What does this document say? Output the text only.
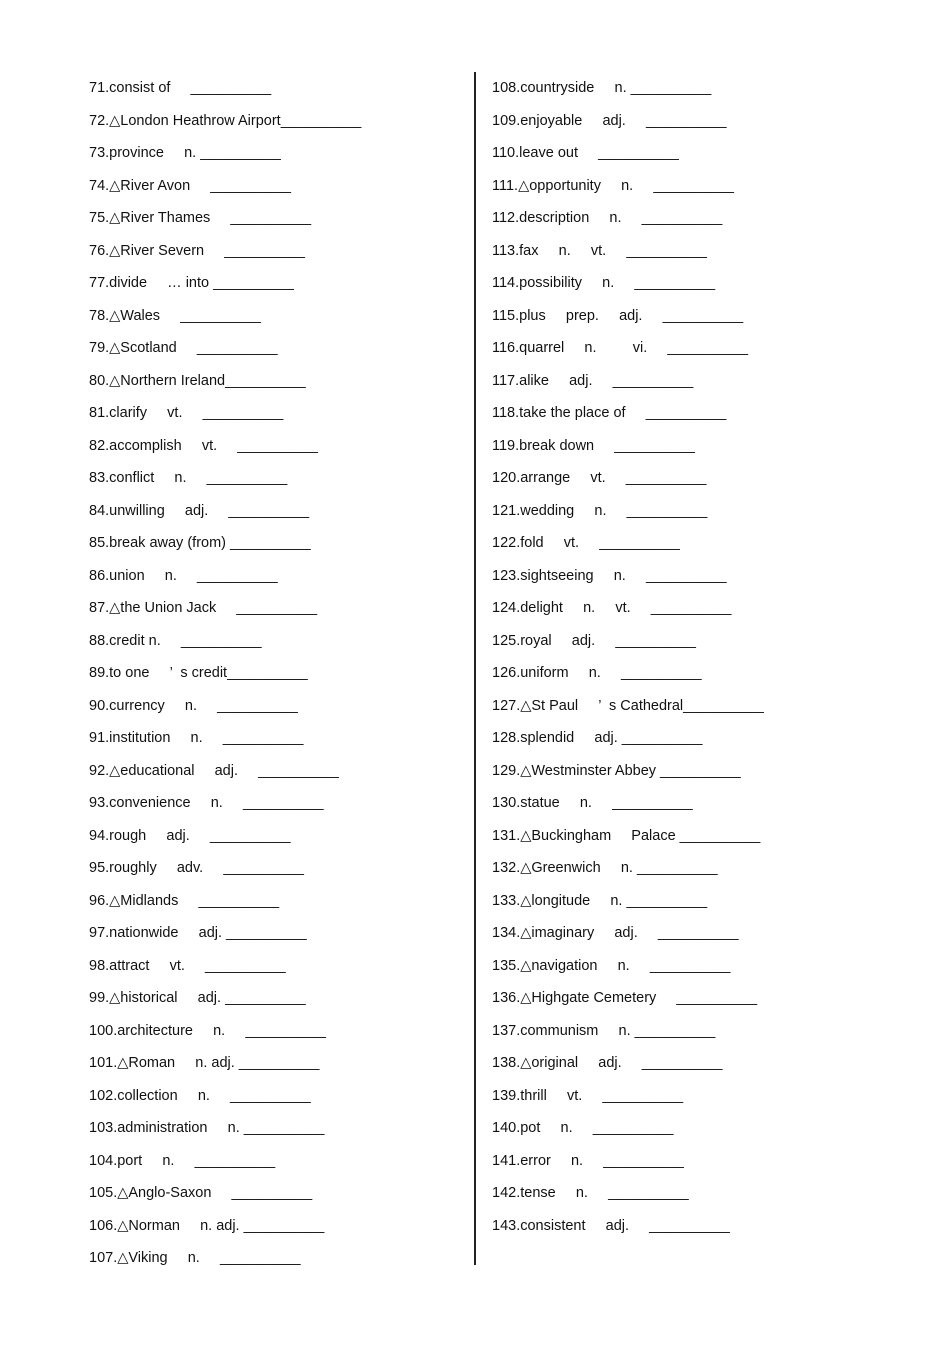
71.consist of     __________
72.△London Heathrow Airport__________
73.province     n. __________
74.△River Avon     __________
75.△River Thames     __________
76.△River Severn     __________
77.divide     … into __________
78.△Wales     __________
79.△Scotland     __________
80.△Northern Ireland__________
81.clarify     vt.     __________
82.accomplish     vt.     __________
83.conflict     n.     __________
84.unwilling     adj.     __________
85.break away (from) __________
86.union     n.     __________
87.△the Union Jack     __________
88.credit n.     __________
89.to one     ’  s credit__________
90.currency     n.     __________
91.institution     n.     __________
92.△educational     adj.     __________
93.convenience     n.     __________
94.rough     adj.     __________
95.roughly     adv.     __________
96.△Midlands     __________
97.nationwide     adj. __________
98.attract     vt.     __________
99.△historical     adj. __________
100.architecture     n.     __________
101.△Roman     n. adj. __________
102.collection     n.     __________
103.administration     n. __________
104.port     n.     __________
105.△Anglo-Saxon     __________
106.△Norman     n. adj. __________
107.△Viking     n.     __________
108.countryside     n. __________
109.enjoyable     adj.     __________
110.leave out     __________
111.△opportunity     n.     __________
112.description     n.     __________
113.fax     n.     vt.     __________
114.possibility     n.     __________
115.plus     prep.     adj.     __________
116.quarrel     n.         vi.     __________
117.alike     adj.     __________
118.take the place of     __________
119.break down     __________
120.arrange     vt.     __________
121.wedding     n.     __________
122.fold     vt.     __________
123.sightseeing     n.     __________
124.delight     n.     vt.     __________
125.royal     adj.     __________
126.uniform     n.     __________
127.△St Paul     ’  s Cathedral__________
128.splendid     adj. __________
129.△Westminster Abbey __________
130.statue     n.     __________
131.△Buckingham     Palace __________
132.△Greenwich     n. __________
133.△longitude     n. __________
134.△imaginary     adj.     __________
135.△navigation     n.     __________
136.△Highgate Cemetery     __________
137.communism     n. __________
138.△original     adj.     __________
139.thrill     vt.     __________
140.pot     n.     __________
141.error     n.     __________
142.tense     n.     __________
143.consistent     adj.     __________
